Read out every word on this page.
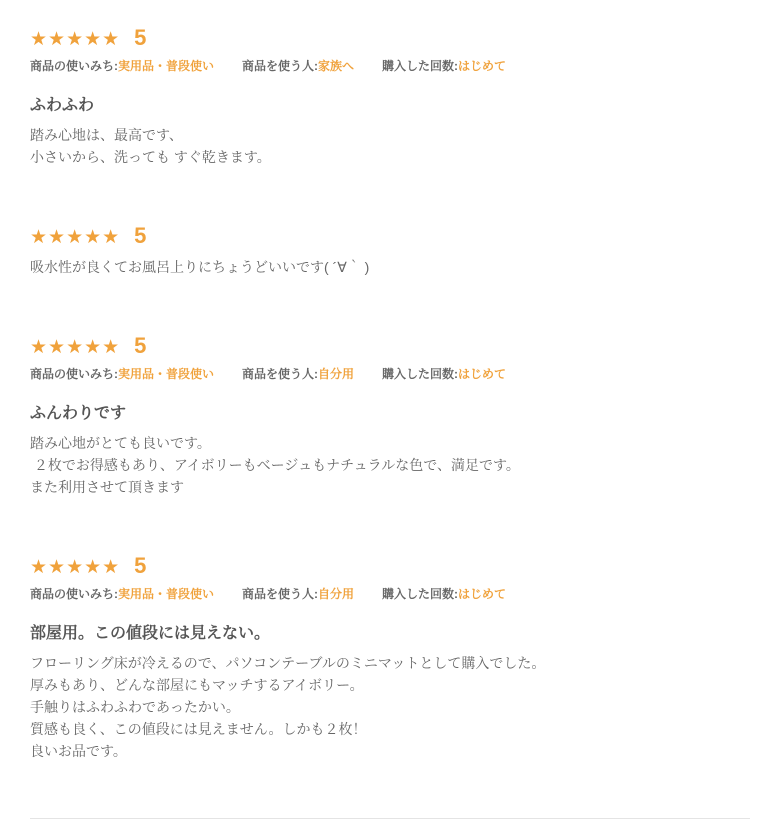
★★★★★ 5
商品の使いみち:実用品・普段使い 商品を使う人:家族へ 購入した回数:はじめて
ふわふわ
踏み心地は、最高です、
小さいから、洗っても すぐ乾きます。
★★★★★ 5
吸水性が良くてお風呂上りにちょうどいいです( ´∀｀ )
★★★★★ 5
商品の使いみち:実用品・普段使い 商品を使う人:自分用 購入した回数:はじめて
ふんわりです
踏み心地がとても良いです。
２枚でお得感もあり、アイボリーもベージュもナチュラルな色で、満足です。
また利用させて頂きます
★★★★★ 5
商品の使いみち:実用品・普段使い 商品を使う人:自分用 購入した回数:はじめて
部屋用。この値段には見えない。
フローリング床が冷えるので、パソコンテーブルのミニマットとして購入でした。
厚みもあり、どんな部屋にもマッチするアイボリー。
手触りはふわふわであったかい。
質感も良く、この値段には見えません。しかも２枚！
良いお品です。
